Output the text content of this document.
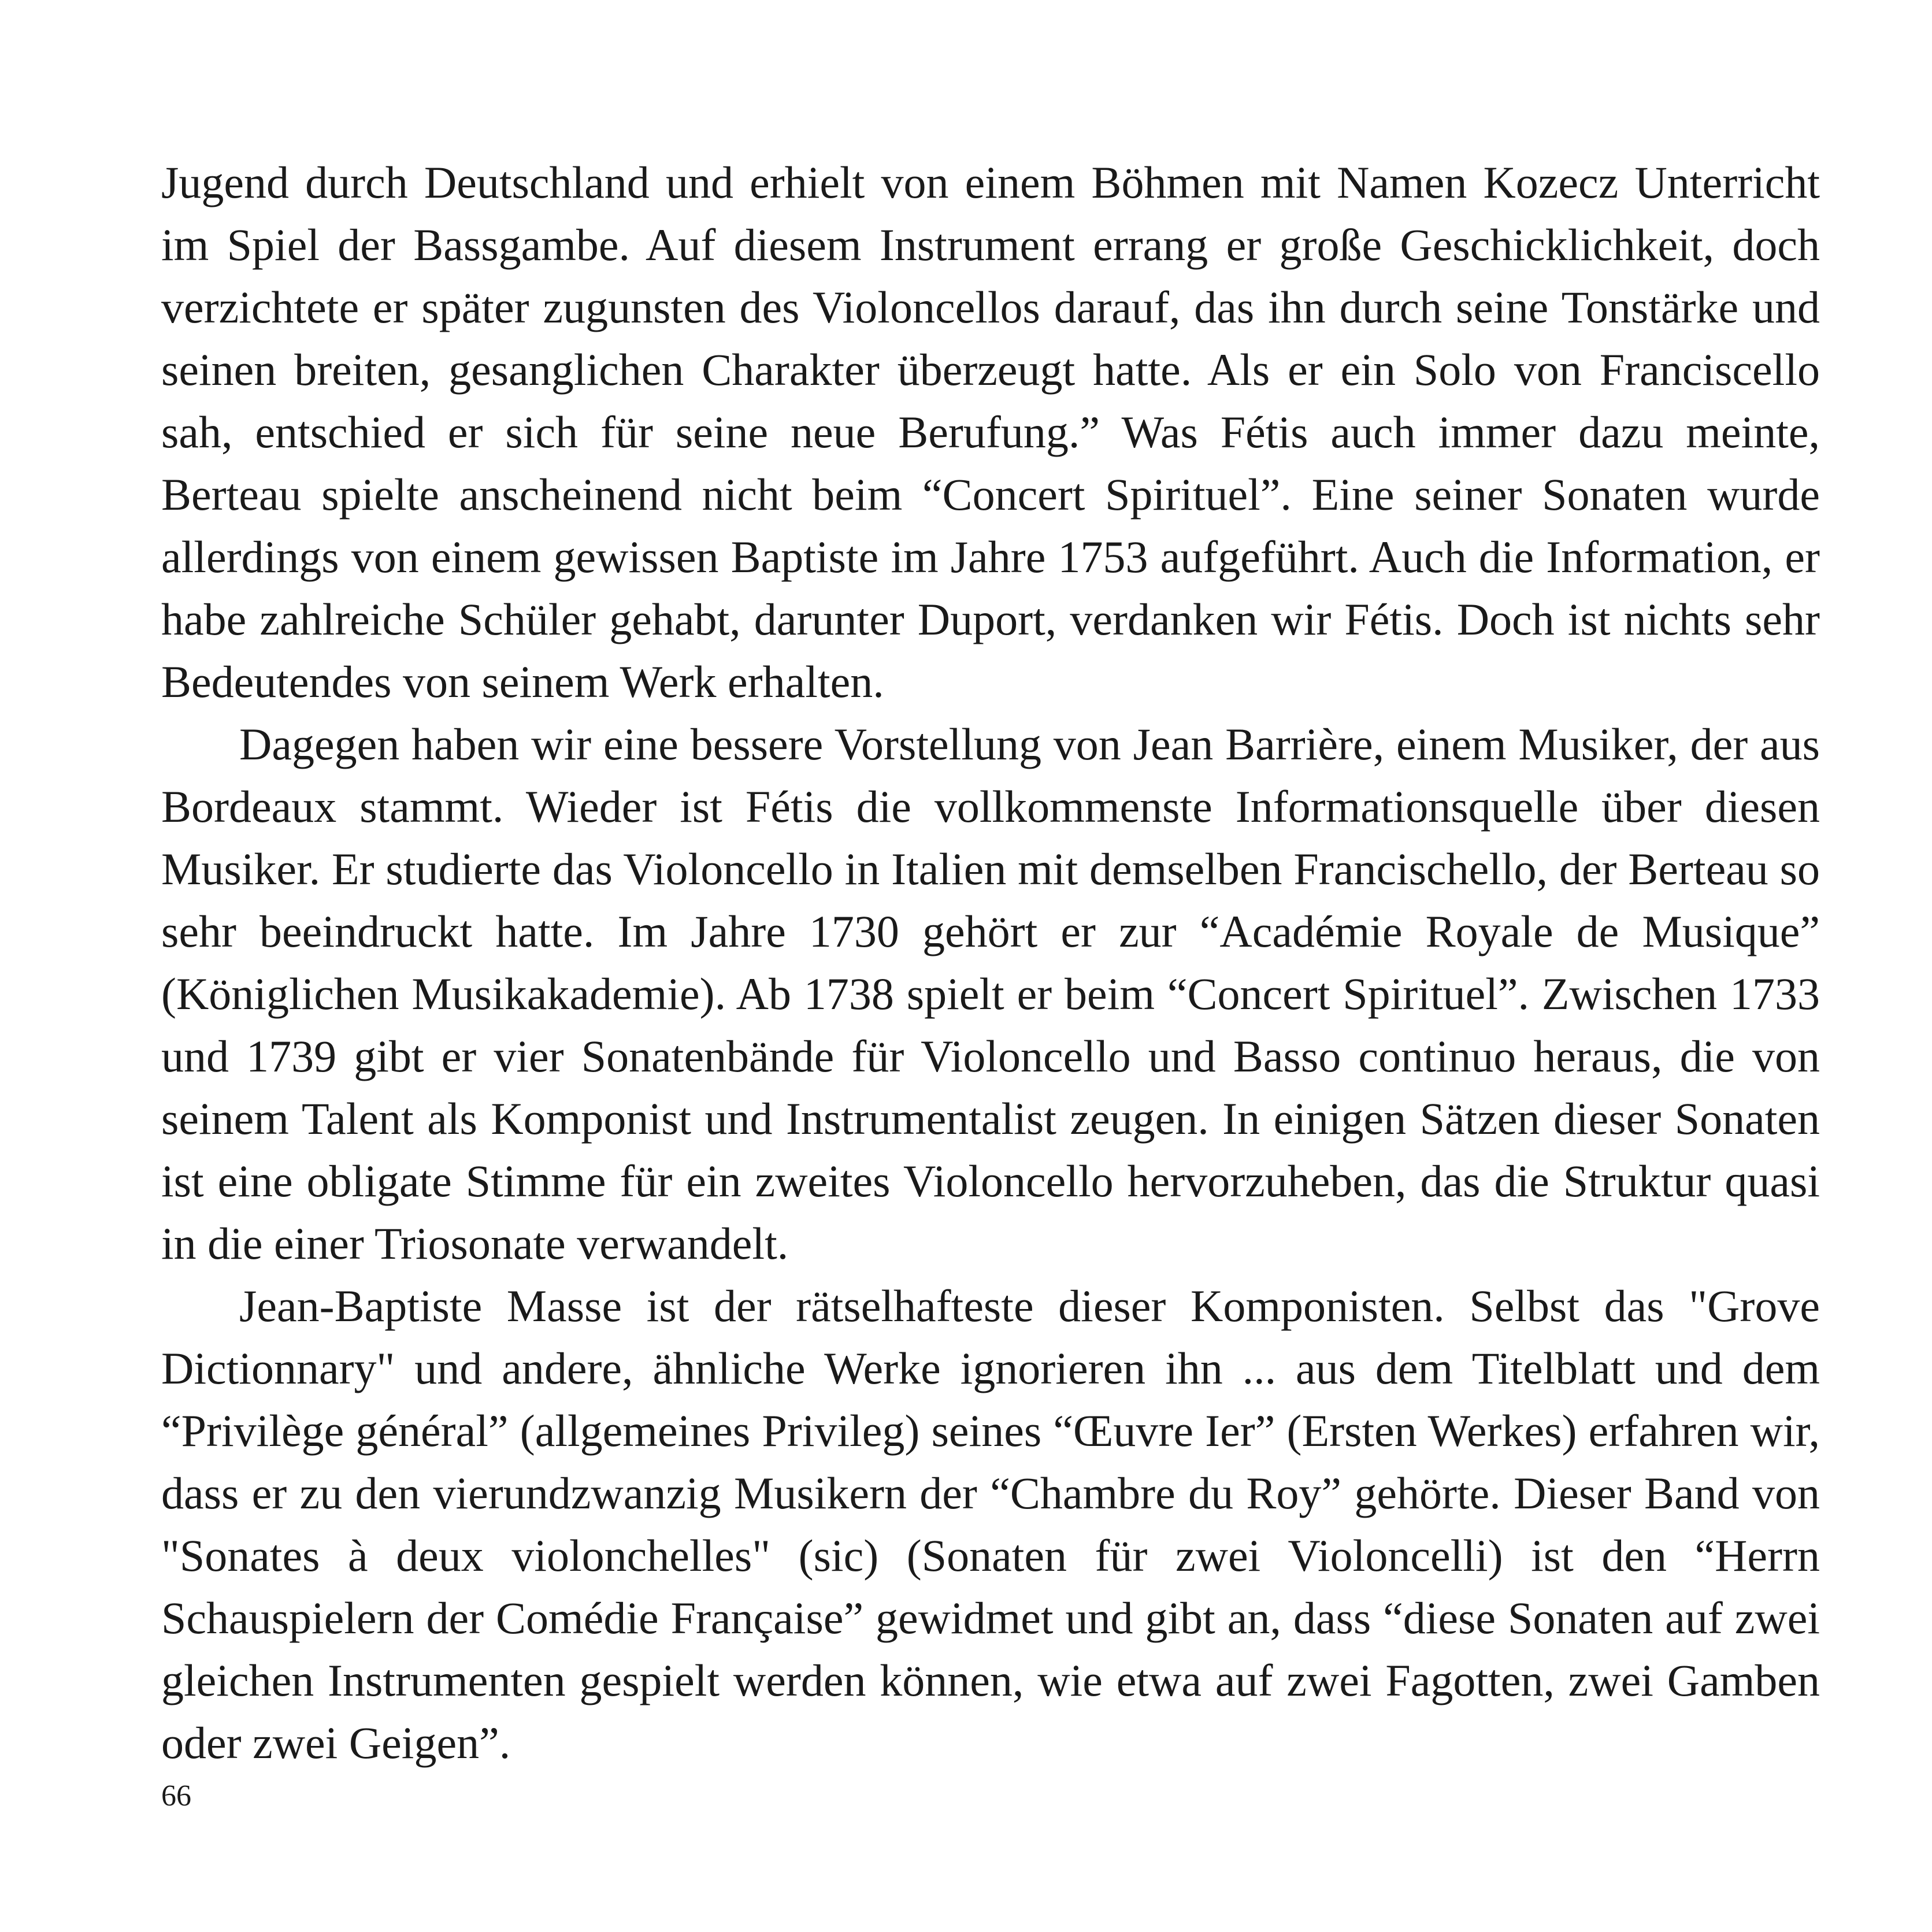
Jugend durch Deutschland und erhielt von einem Böhmen mit Namen Kozecz Unterricht im Spiel der Bassgambe. Auf diesem Instrument errang er große Geschicklichkeit, doch verzichtete er später zugunsten des Violoncellos darauf, das ihn durch seine Tonstärke und seinen breiten, gesanglichen Charakter überzeugt hatte. Als er ein Solo von Franciscello sah, entschied er sich für seine neue Berufung.” Was Fétis auch immer dazu meinte, Berteau spielte anscheinend nicht beim “Concert Spirituel”. Eine seiner Sonaten wurde allerdings von einem gewissen Baptiste im Jahre 1753 aufgeführt. Auch die Information, er habe zahlreiche Schüler gehabt, darunter Duport, verdanken wir Fétis. Doch ist nichts sehr Bedeutendes von seinem Werk erhalten.

Dagegen haben wir eine bessere Vorstellung von Jean Barrière, einem Musiker, der aus Bordeaux stammt. Wieder ist Fétis die vollkommenste Informationsquelle über diesen Musiker. Er studierte das Violoncello in Italien mit demselben Francischello, der Berteau so sehr beeindruckt hatte. Im Jahre 1730 gehört er zur “Académie Royale de Musique” (Königlichen Musikakademie). Ab 1738 spielt er beim “Concert Spirituel”. Zwischen 1733 und 1739 gibt er vier Sonatenbände für Violoncello und Basso continuo heraus, die von seinem Talent als Komponist und Instrumentalist zeugen. In einigen Sätzen dieser Sonaten ist eine obligate Stimme für ein zweites Violoncello hervorzuheben, das die Struktur quasi in die einer Triosonate verwandelt.

Jean-Baptiste Masse ist der rätselhafteste dieser Komponisten. Selbst das "Grove Dictionnary" und andere, ähnliche Werke ignorieren ihn ... aus dem Titelblatt und dem “Privilège général” (allgemeines Privileg) seines “Œuvre Ier” (Ersten Werkes) erfahren wir, dass er zu den vierundzwanzig Musikern der “Chambre du Roy” gehörte. Dieser Band von "Sonates à deux violonchelles" (sic) (Sonaten für zwei Violoncelli) ist den “Herrn Schauspielern der Comédie Française” gewidmet und gibt an, dass “diese Sonaten auf zwei gleichen Instrumenten gespielt werden können, wie etwa auf zwei Fagotten, zwei Gamben oder zwei Geigen”.

66
